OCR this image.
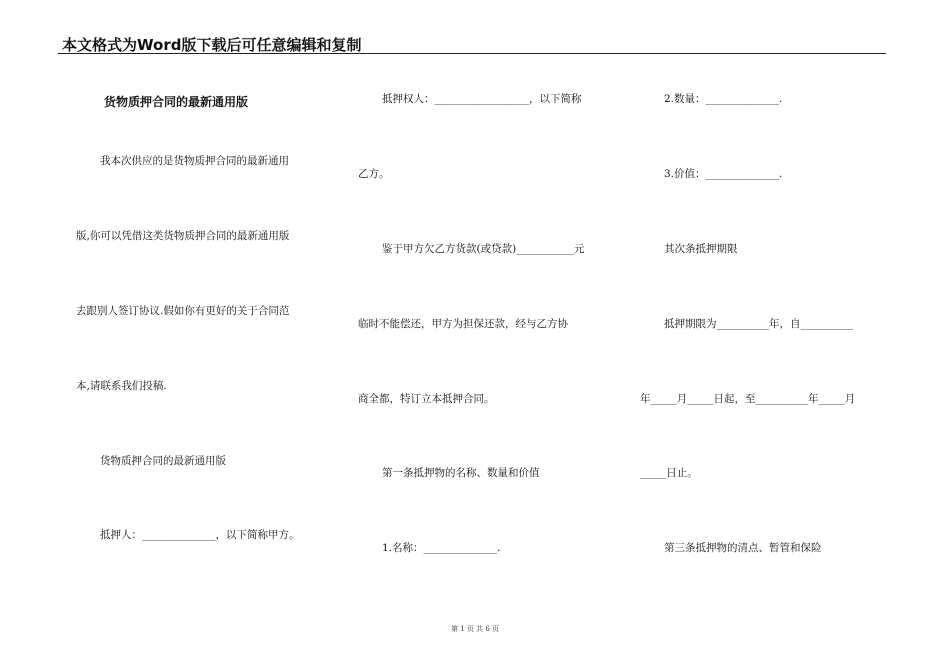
本文格式为Word版下载后可任意编辑和复制
货物质押合同的最新通用版
我本次供应的是货物质押合同的最新通用
版,你可以凭借这类货物质押合同的最新通用版
去跟别人签订协议.假如你有更好的关于合同范
本,请联系我们投稿.
货物质押合同的最新通用版
抵押人：______________，以下简称甲方。
抵押权人：__________________，以下简称
乙方。
鉴于甲方欠乙方货款(或贷款)___________元
临时不能偿还，甲方为担保还款，经与乙方协
商全都，特订立本抵押合同。
第一条抵押物的名称、数量和价值
1.名称：______________.
2.数量：______________.
3.价值：______________.
其次条抵押期限
抵押期限为__________年，自__________
年_____月_____日起，至__________年_____月
_____日止。
第三条抵押物的清点、暂管和保险
第 1 页 共 6 页
